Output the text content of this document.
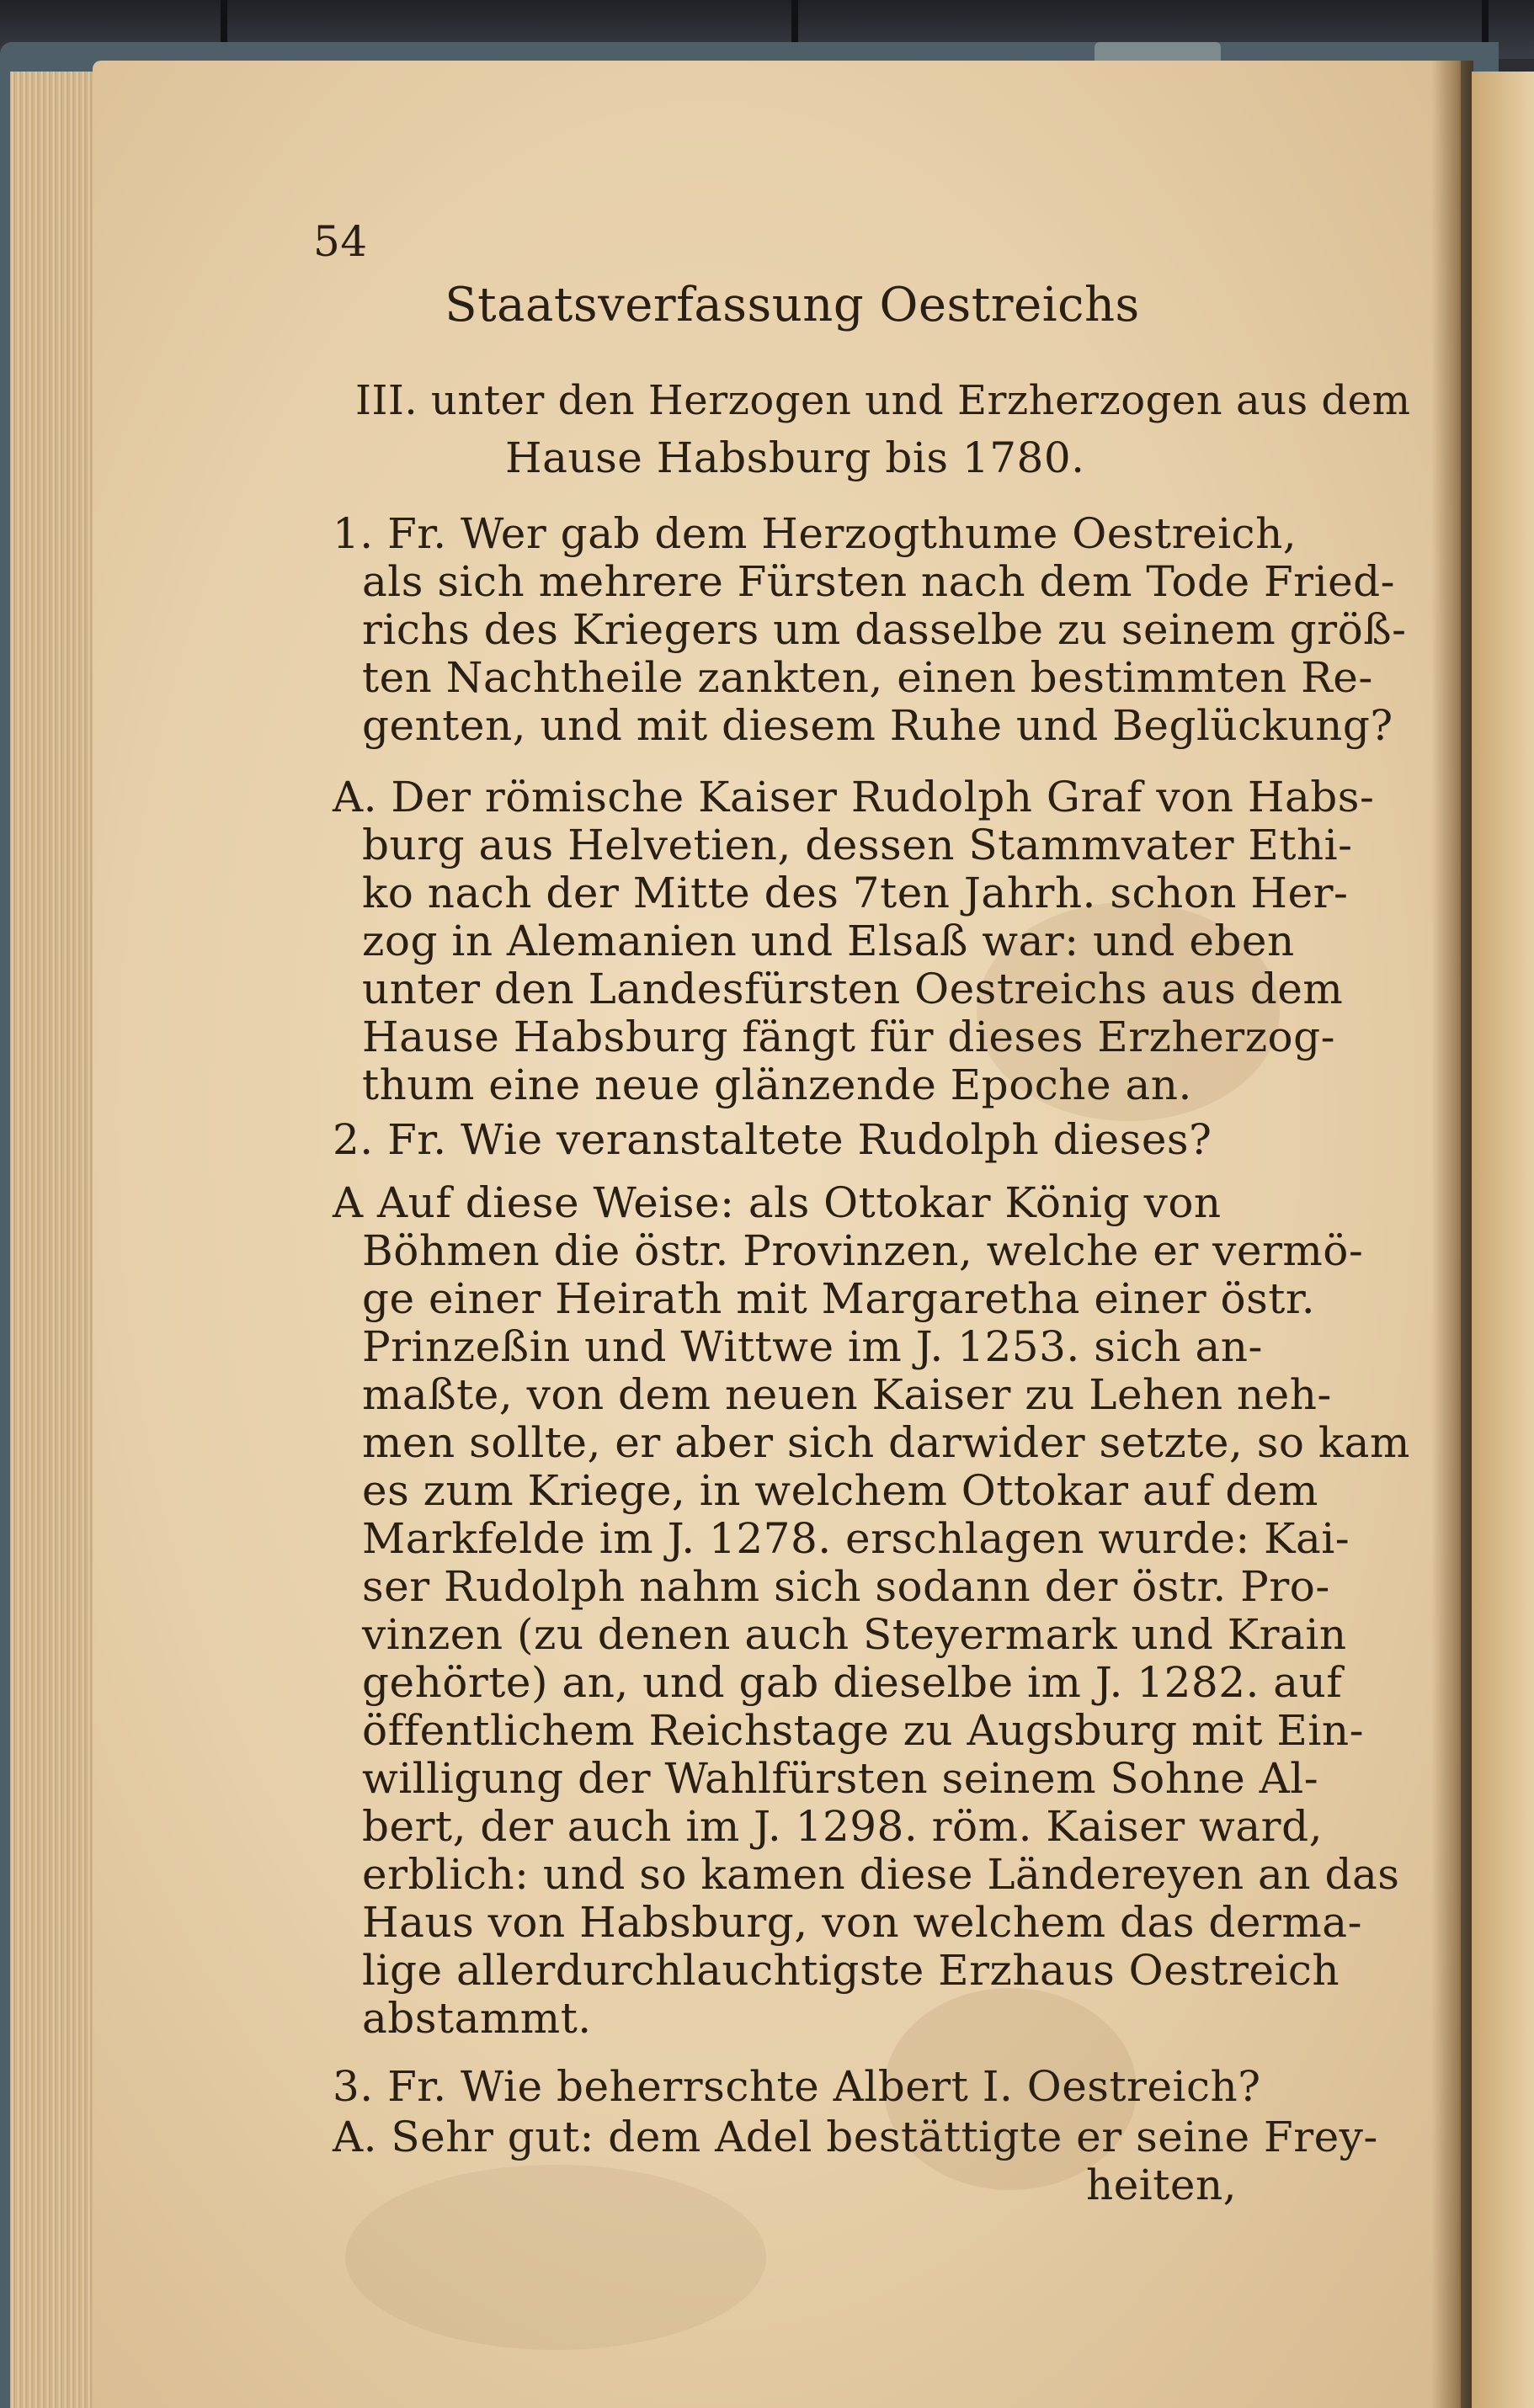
54
Staatsverfassung Oestreichs
III. unter den Herzogen und Erzherzogen aus dem
Hause Habsburg bis 1780.
1. Fr. Wer gab dem Herzogthume Oestreich,
als sich mehrere Fürsten nach dem Tode Fried-
richs des Kriegers um dasselbe zu seinem größ-
ten Nachtheile zankten, einen bestimmten Re-
genten, und mit diesem Ruhe und Beglückung?
A. Der römische Kaiser Rudolph Graf von Habs-
burg aus Helvetien, dessen Stammvater Ethi-
ko nach der Mitte des 7ten Jahrh. schon Her-
zog in Alemanien und Elsaß war: und eben
unter den Landesfürsten Oestreichs aus dem
Hause Habsburg fängt für dieses Erzherzog-
thum eine neue glänzende Epoche an.
2. Fr. Wie veranstaltete Rudolph dieses?
A Auf diese Weise: als Ottokar König von
Böhmen die östr. Provinzen, welche er vermö-
ge einer Heirath mit Margaretha einer östr.
Prinzeßin und Wittwe im J. 1253. sich an-
maßte, von dem neuen Kaiser zu Lehen neh-
men sollte, er aber sich darwider setzte, so kam
es zum Kriege, in welchem Ottokar auf dem
Markfelde im J. 1278. erschlagen wurde: Kai-
ser Rudolph nahm sich sodann der östr. Pro-
vinzen (zu denen auch Steyermark und Krain
gehörte) an, und gab dieselbe im J. 1282. auf
öffentlichem Reichstage zu Augsburg mit Ein-
willigung der Wahlfürsten seinem Sohne Al-
bert, der auch im J. 1298. röm. Kaiser ward,
erblich: und so kamen diese Ländereyen an das
Haus von Habsburg, von welchem das derma-
lige allerdurchlauchtigste Erzhaus Oestreich
abstammt.
3. Fr. Wie beherrschte Albert I. Oestreich?
A. Sehr gut: dem Adel bestättigte er seine Frey-
heiten,
